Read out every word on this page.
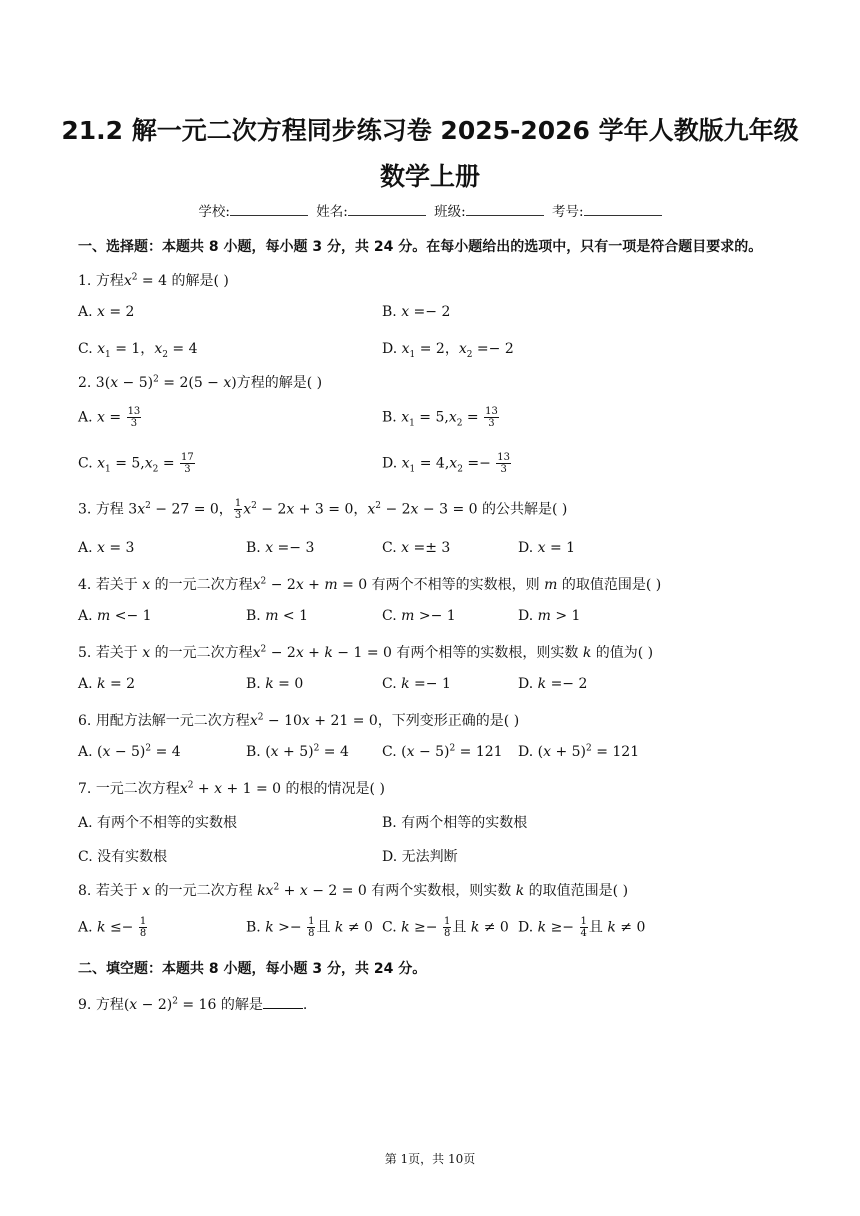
21.2 解一元二次方程同步练习卷 2025-2026 学年人教版九年级数学上册
学校:	姓名:	班级:	考号:
一、选择题：本题共 8 小题，每小题 3 分，共 24 分。在每小题给出的选项中，只有一项是符合题目要求的。
1. 方程$x^2 = 4$ 的解是( )
A. x = 2	B. x =− 2
C. $x_1 = 1$，$x_2 = 4$	D. $x_1 = 2$，$x_2 =- 2$
2. $3(x - 5)^2 = 2(5 - x)$方程的解是( )
A. $x = \frac{13}{3}$	B. $x_1 = 5,x_2 = \frac{13}{3}$
C. $x_1 = 5,x_2 = \frac{17}{3}$	D. $x_1 = 4,x_2 =- \frac{13}{3}$
3. 方程 $3x^2 - 27 = 0$， $\frac{1}{3} x^2 - 2x + 3 = 0$，$x^2 - 2x - 3 = 0$ 的公共解是( )
A. x = 3	B. x =− 3	C. x =± 3	D. x = 1
4. 若关于 x 的一元二次方程$x^2 - 2x + m = 0$ 有两个不相等的实数根，则 m 的取值范围是( )
A. m <− 1	B. m < 1	C. m >− 1	D. m > 1
5. 若关于 x 的一元二次方程$x^2 - 2x + k - 1 = 0$ 有两个相等的实数根，则实数 k 的值为( )
A. k = 2	B. k = 0	C. k =− 1	D. k =− 2
6. 用配方法解一元二次方程$x^2 - 10x + 21 = 0$，下列变形正确的是( )
A. $(x - 5)^2 = 4$	B. $(x + 5)^2 = 4$ C. $(x - 5)^2 = 121$ D. $(x + 5)^2 = 121$
7. 一元二次方程$x^2 + x + 1 = 0$ 的根的情况是( )
A. 有两个不相等的实数根	B. 有两个相等的实数根
C. 没有实数根	D. 无法判断
8. 若关于 x 的一元二次方程 $kx^2 + x - 2 = 0$ 有两个实数根，则实数 k 的取值范围是( )
A. $k \le- \frac{1}{8}$	B. $k >- \frac{1}{8}$ 且 k ≠ 0 C. $k \ge- \frac{1}{8}$ 且 k ≠ 0 D. $k \ge- \frac{1}{4}$ 且 k ≠ 0
二、填空题：本题共 8 小题，每小题 3 分，共 24 分。
9. 方程$(x - 2)^2 = 16$ 的解是	.
第 1页，共 10页
